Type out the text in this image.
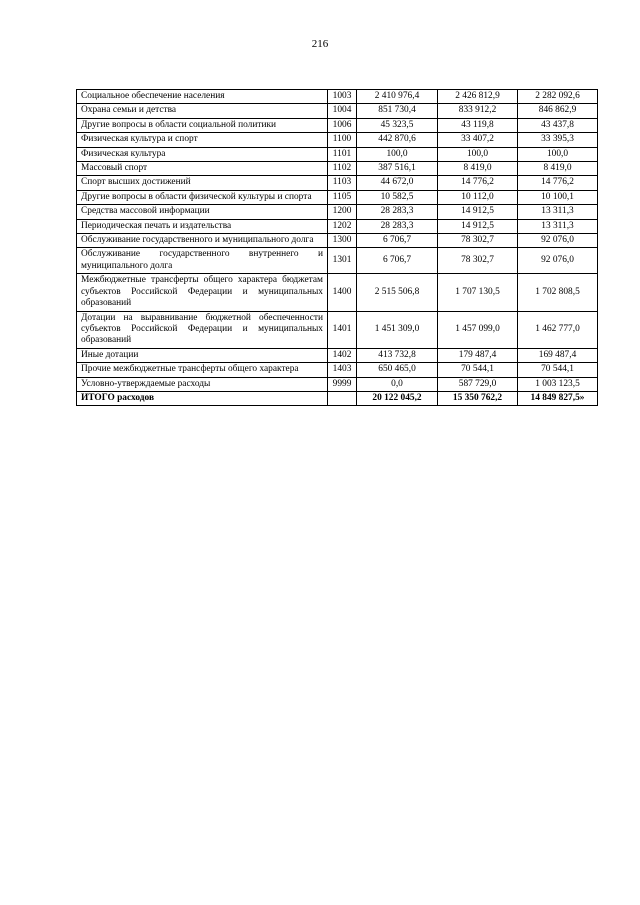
216
Социальное обеспечение населения	1003	2 410 976,4	2 426 812,9	2 282 092,6
Охрана семьи и детства	1004	851 730,4	833 912,2	846 862,9
Другие вопросы в области социальной политики	1006	45 323,5	43 119,8	43 437,8
Физическая культура и спорт	1100	442 870,6	33 407,2	33 395,3
Физическая культура	1101	100,0	100,0	100,0
Массовый спорт	1102	387 516,1	8 419,0	8 419,0
Спорт высших достижений	1103	44 672,0	14 776,2	14 776,2
Другие вопросы в области физической культуры и спорта	1105	10 582,5	10 112,0	10 100,1
Средства массовой информации	1200	28 283,3	14 912,5	13 311,3
Периодическая печать и издательства	1202	28 283,3	14 912,5	13 311,3
Обслуживание государственного и муниципального долга	1300	6 706,7	78 302,7	92 076,0
Обслуживание государственного внутреннего и муниципального долга	1301	6 706,7	78 302,7	92 076,0
Межбюджетные трансферты общего характера бюджетам субъектов Российской Федерации и муниципальных образований	1400	2 515 506,8	1 707 130,5	1 702 808,5
Дотации на выравнивание бюджетной обеспеченности субъектов Российской Федерации и муниципальных образований	1401	1 451 309,0	1 457 099,0	1 462 777,0
Иные дотации	1402	413 732,8	179 487,4	169 487,4
Прочие межбюджетные трансферты общего характера	1403	650 465,0	70 544,1	70 544,1
Условно-утверждаемые расходы	9999	0,0	587 729,0	1 003 123,5
ИТОГО расходов		20 122 045,2	15 350 762,2	14 849 827,5»
